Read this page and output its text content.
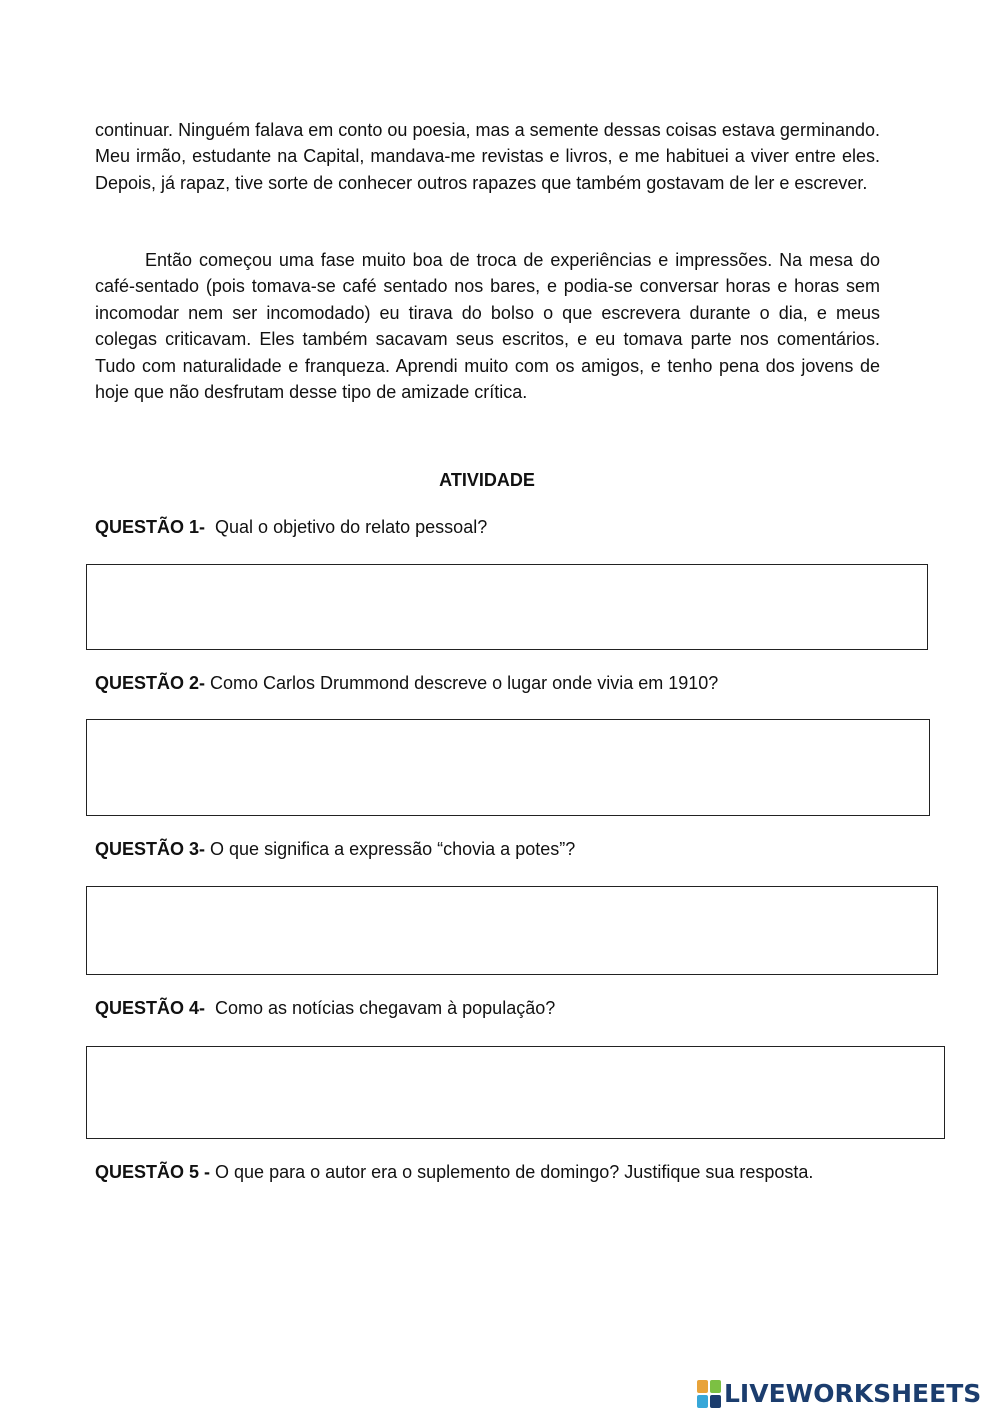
continuar. Ninguém falava em conto ou poesia, mas a semente dessas coisas estava germinando. Meu irmão, estudante na Capital, mandava-me revistas e livros, e me habituei a viver entre eles. Depois, já rapaz, tive sorte de conhecer outros rapazes que também gostavam de ler e escrever.

Então começou uma fase muito boa de troca de experiências e impressões. Na mesa do café-sentado (pois tomava-se café sentado nos bares, e podia-se conversar horas e horas sem incomodar nem ser incomodado) eu tirava do bolso o que escrevera durante o dia, e meus colegas criticavam. Eles também sacavam seus escritos, e eu tomava parte nos comentários. Tudo com naturalidade e franqueza. Aprendi muito com os amigos, e tenho pena dos jovens de hoje que não desfrutam desse tipo de amizade crítica.

ATIVIDADE

QUESTÃO 1- Qual o objetivo do relato pessoal?

QUESTÃO 2- Como Carlos Drummond descreve o lugar onde vivia em 1910?

QUESTÃO 3- O que significa a expressão “chovia a potes”?

QUESTÃO 4- Como as notícias chegavam à população?

QUESTÃO 5 - O que para o autor era o suplemento de domingo? Justifique sua resposta.

LIVEWORKSHEETS
